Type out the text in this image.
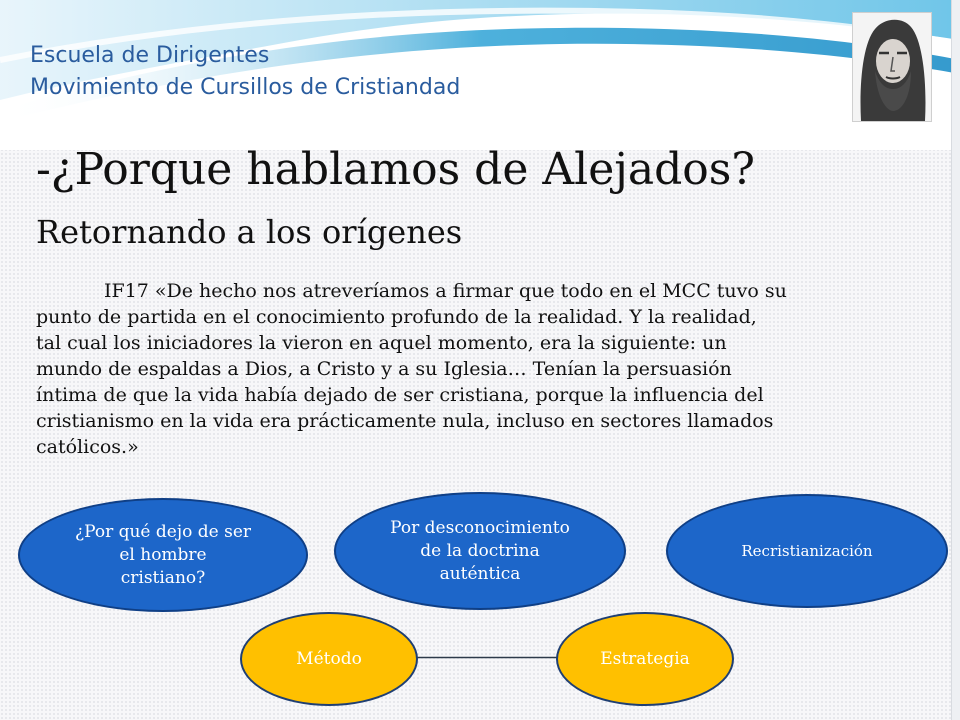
Escuela de Dirigentes
Movimiento de Cursillos de Cristiandad
-¿Porque hablamos de Alejados?
Retornando a los orígenes
IF17 «De hecho nos atreveríamos a firmar que todo en el MCC tuvo su
punto de partida en el conocimiento profundo de la realidad. Y la realidad,
tal cual los iniciadores la vieron en aquel momento, era la siguiente: un
mundo de espaldas a Dios, a Cristo y a su Iglesia… Tenían la persuasión
íntima de que la vida había dejado de ser cristiana, porque la influencia del
cristianismo en la vida era prácticamente nula, incluso en sectores llamados
católicos.»
¿Por qué dejo de ser
el hombre
cristiano?
Por desconocimiento
de la doctrina
auténtica
Recristianización
Método	Estrategia
